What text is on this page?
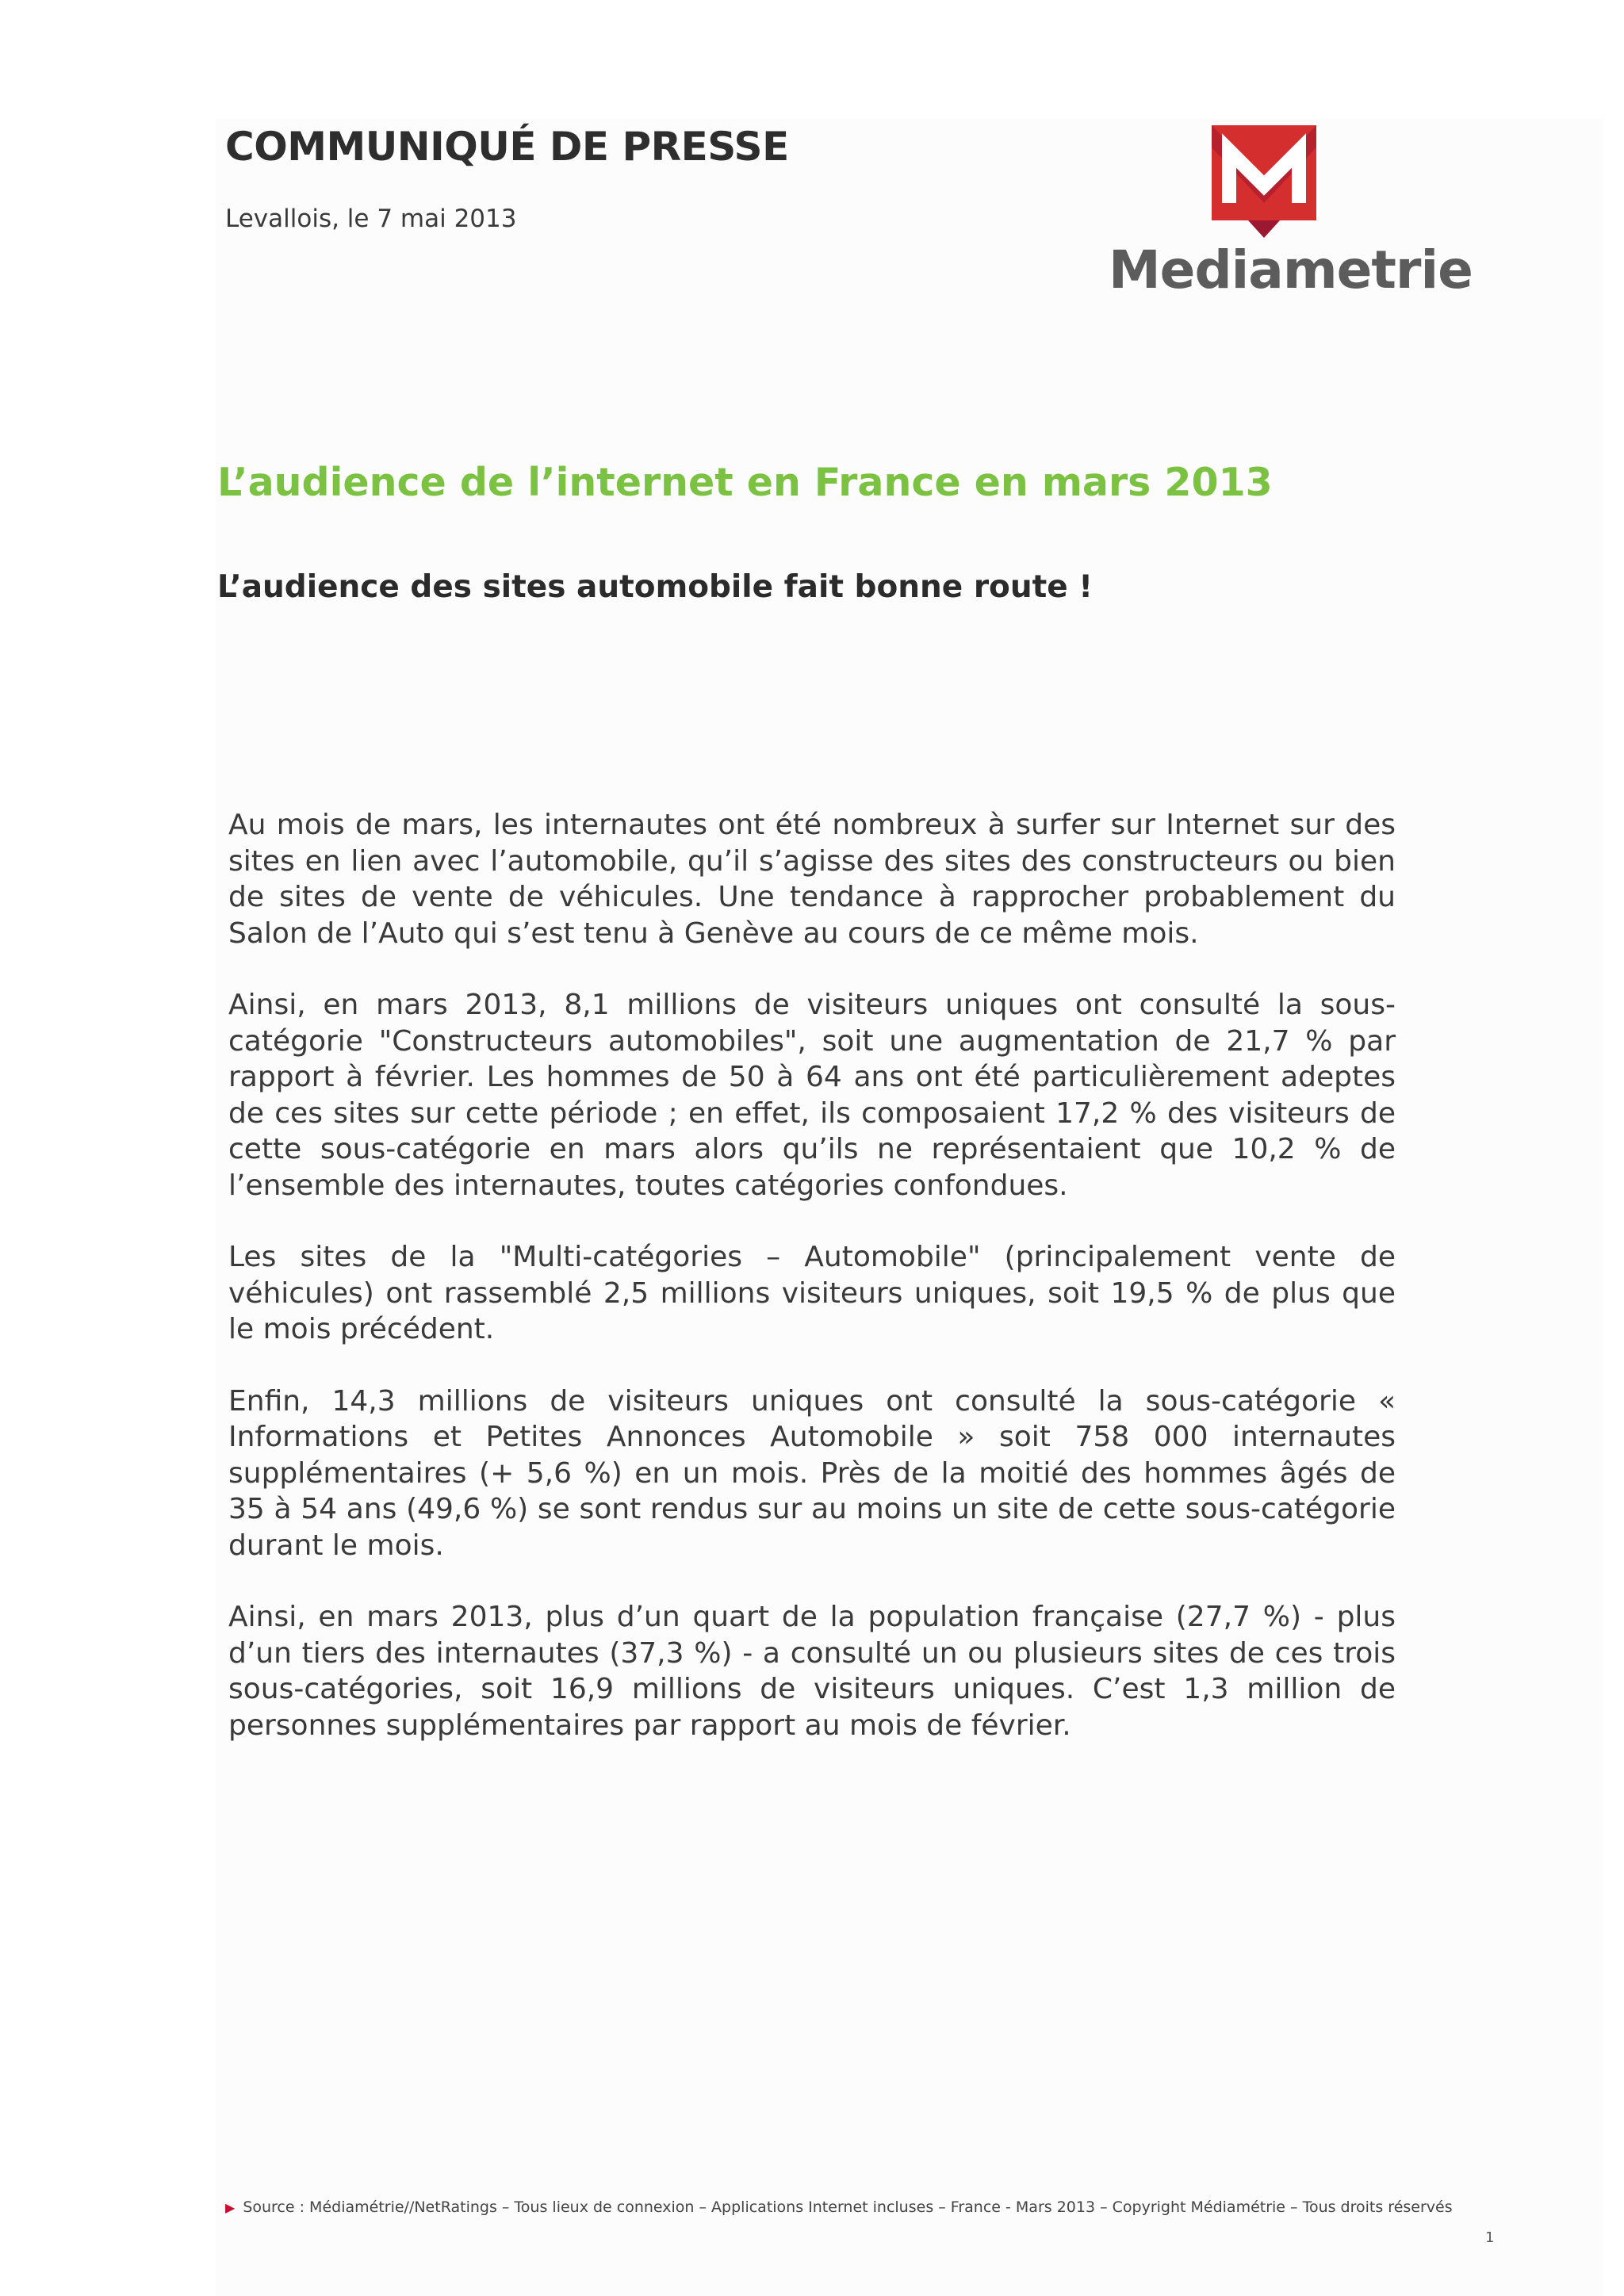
COMMUNIQUÉ DE PRESSE
Levallois, le 7 mai 2013
Mediametrie
L’audience de l’internet en France en mars 2013
L’audience des sites automobile fait bonne route !

Au mois de mars, les internautes ont été nombreux à surfer sur Internet sur des sites en lien avec l’automobile, qu’il s’agisse des sites des constructeurs ou bien de sites de vente de véhicules. Une tendance à rapprocher probablement du Salon de l’Auto qui s’est tenu à Genève au cours de ce même mois.

Ainsi, en mars 2013, 8,1 millions de visiteurs uniques ont consulté la sous-catégorie "Constructeurs automobiles", soit une augmentation de 21,7 % par rapport à février. Les hommes de 50 à 64 ans ont été particulièrement adeptes de ces sites sur cette période ; en effet, ils composaient 17,2 % des visiteurs de cette sous-catégorie en mars alors qu’ils ne représentaient que 10,2 % de l’ensemble des internautes, toutes catégories confondues.

Les sites de la "Multi-catégories – Automobile" (principalement vente de véhicules) ont rassemblé 2,5 millions visiteurs uniques, soit 19,5 % de plus que le mois précédent.

Enfin, 14,3 millions de visiteurs uniques ont consulté la sous-catégorie « Informations et Petites Annonces Automobile » soit 758 000 internautes supplémentaires (+ 5,6 %) en un mois. Près de la moitié des hommes âgés de 35 à 54 ans (49,6 %) se sont rendus sur au moins un site de cette sous-catégorie durant le mois.

Ainsi, en mars 2013, plus d’un quart de la population française (27,7 %) - plus d’un tiers des internautes (37,3 %) - a consulté un ou plusieurs sites de ces trois sous-catégories, soit 16,9 millions de visiteurs uniques. C’est 1,3 million de personnes supplémentaires par rapport au mois de février.

▶ Source : Médiamétrie//NetRatings – Tous lieux de connexion – Applications Internet incluses – France - Mars 2013 – Copyright Médiamétrie – Tous droits réservés
1
